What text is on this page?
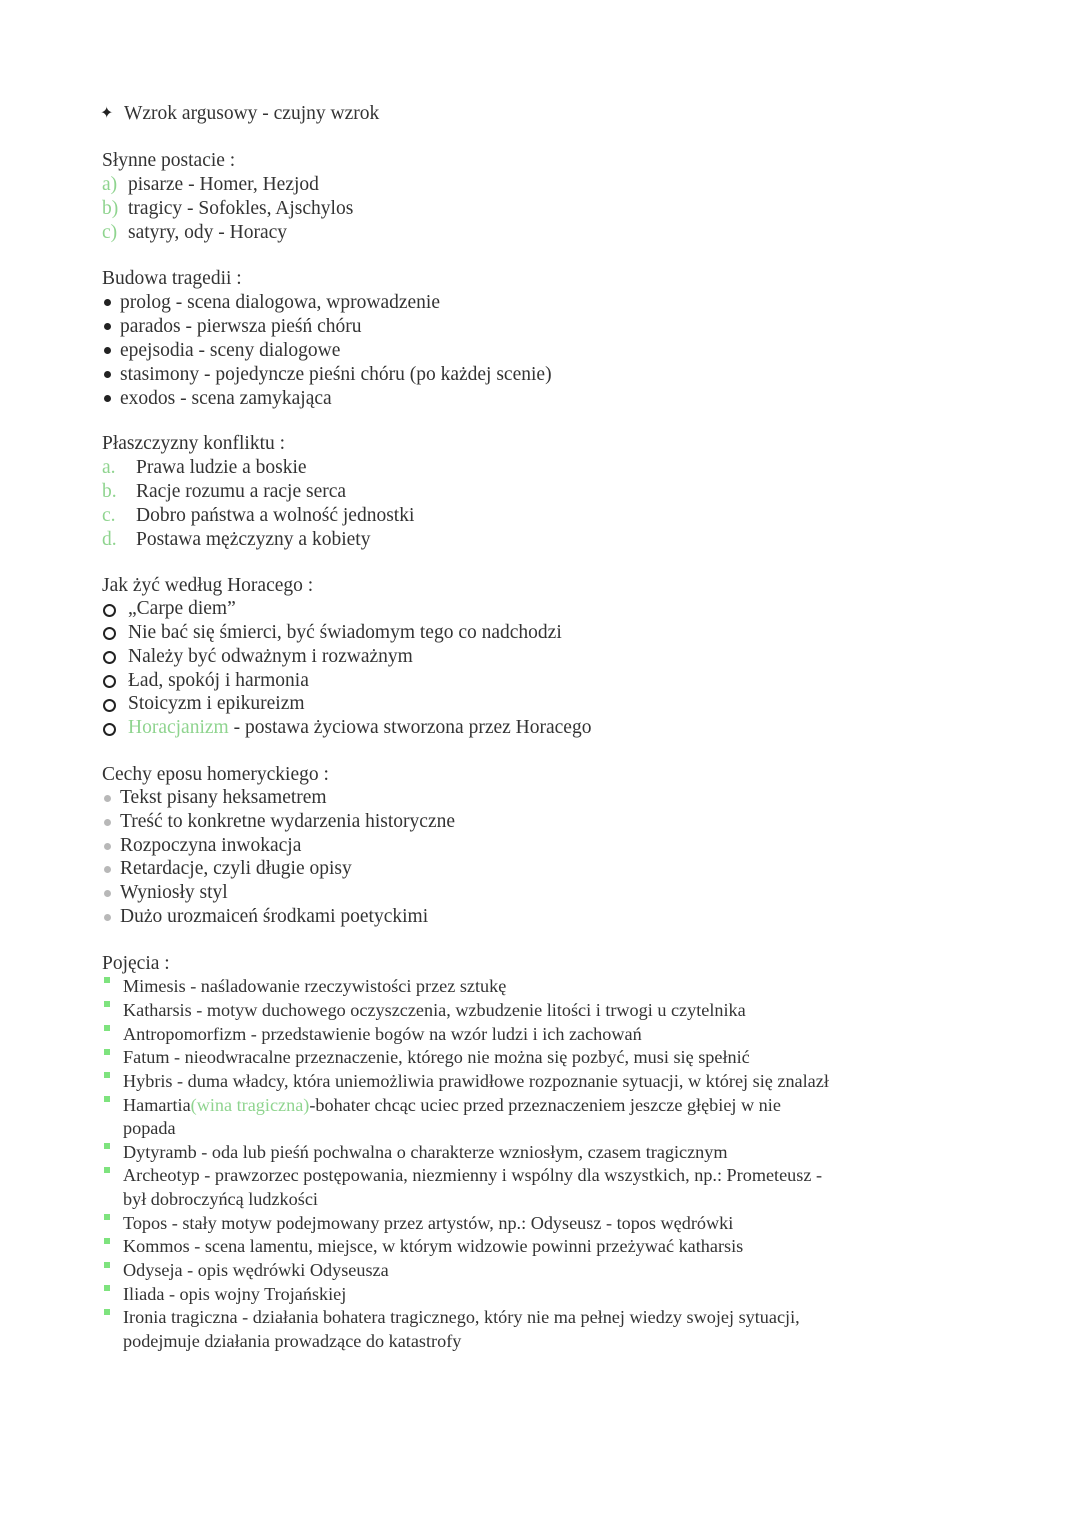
✦ Wzrok argusowy - czujny wzrok
Słynne postacie :
a) pisarze - Homer, Hezjod
b) tragicy - Sofokles, Ajschylos
c) satyry, ody - Horacy
Budowa tragedii :
prolog - scena dialogowa, wprowadzenie
parados - pierwsza pieśń chóru
epejsodia - sceny dialogowe
stasimony - pojedyncze pieśni chóru (po każdej scenie)
exodos - scena zamykająca
Płaszczyzny konfliktu :
a.	Prawa ludzie a boskie
b. Racje rozumu a racje serca
c.	Dobro państwa a wolność jednostki
d. Postawa mężczyzny a kobiety
Jak żyć według Horacego :
„Carpe diem”
Nie bać się śmierci, być świadomym tego co nadchodzi
Należy być odważnym i rozważnym
Ład, spokój i harmonia
Stoicyzm i epikureizm
Horacjanizm - postawa życiowa stworzona przez Horacego
Cechy eposu homeryckiego :
Tekst pisany heksametrem
Treść to konkretne wydarzenia historyczne
Rozpoczyna inwokacja
Retardacje, czyli długie opisy
Wyniosły styl
Dużo urozmaiceń środkami poetyckimi
Pojęcia :
Mimesis - naśladowanie rzeczywistości przez sztukę
Katharsis - motyw duchowego oczyszczenia, wzbudzenie litości i trwogi u czytelnika
Antropomorfizm - przedstawienie bogów na wzór ludzi i ich zachowań
Fatum - nieodwracalne przeznaczenie, którego nie można się pozbyć, musi się spełnić
Hybris - duma władcy, która uniemożliwia prawidłowe rozpoznanie sytuacji, w której się znalazł
Hamartia(wina tragiczna)-bohater chcąc uciec przed przeznaczeniem jeszcze głębiej w nie
popada
Dytyramb - oda lub pieśń pochwalna o charakterze wzniosłym, czasem tragicznym
Archeotyp - prawzorzec postępowania, niezmienny i wspólny dla wszystkich, np.: Prometeusz -
był dobroczyńcą ludzkości
Topos - stały motyw podejmowany przez artystów, np.: Odyseusz - topos wędrówki
Kommos - scena lamentu, miejsce, w którym widzowie powinni przeżywać katharsis
Odyseja - opis wędrówki Odyseusza
Iliada - opis wojny Trojańskiej
Ironia tragiczna - działania bohatera tragicznego, który nie ma pełnej wiedzy swojej sytuacji,
podejmuje działania prowadzące do katastrofy
